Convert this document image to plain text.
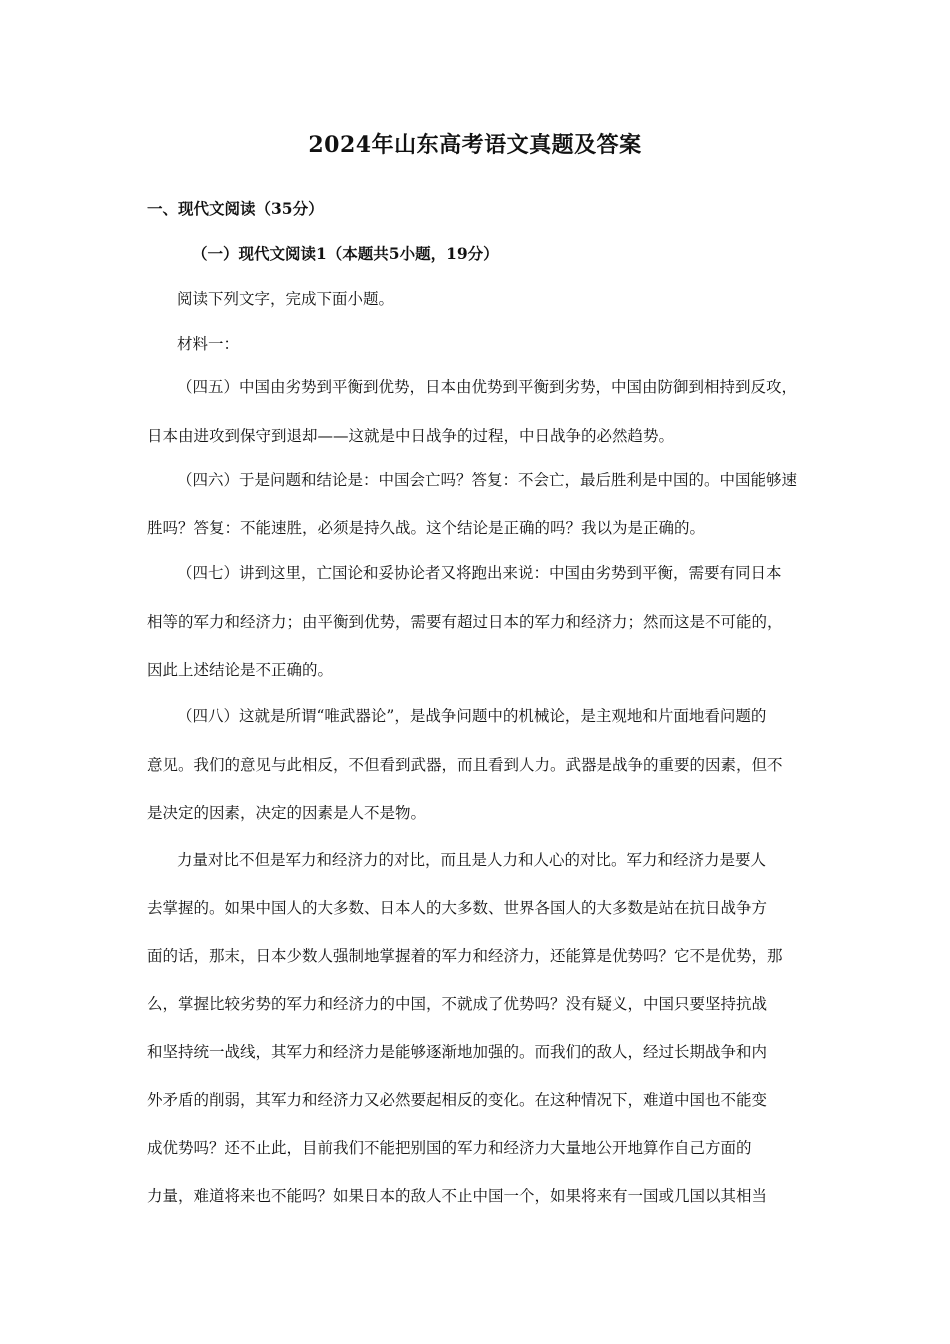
2024年山东高考语文真题及答案
一、现代文阅读（35分）
（一）现代文阅读1（本题共5小题，19分）
阅读下列文字，完成下面小题。
材料一：
（四五）中国由劣势到平衡到优势，日本由优势到平衡到劣势，中国由防御到相持到反攻，
日本由进攻到保守到退却——这就是中日战争的过程，中日战争的必然趋势。
（四六）于是问题和结论是：中国会亡吗？答复：不会亡，最后胜利是中国的。中国能够速
胜吗？答复：不能速胜，必须是持久战。这个结论是正确的吗？我以为是正确的。
（四七）讲到这里，亡国论和妥协论者又将跑出来说：中国由劣势到平衡，需要有同日本
相等的军力和经济力；由平衡到优势，需要有超过日本的军力和经济力；然而这是不可能的，
因此上述结论是不正确的。
（四八）这就是所谓“唯武器论”，是战争问题中的机械论，是主观地和片面地看问题的
意见。我们的意见与此相反，不但看到武器，而且看到人力。武器是战争的重要的因素，但不
是决定的因素，决定的因素是人不是物。
力量对比不但是军力和经济力的对比，而且是人力和人心的对比。军力和经济力是要人
去掌握的。如果中国人的大多数、日本人的大多数、世界各国人的大多数是站在抗日战争方
面的话，那末，日本少数人强制地掌握着的军力和经济力，还能算是优势吗？它不是优势，那
么，掌握比较劣势的军力和经济力的中国，不就成了优势吗？没有疑义，中国只要坚持抗战
和坚持统一战线，其军力和经济力是能够逐渐地加强的。而我们的敌人，经过长期战争和内
外矛盾的削弱，其军力和经济力又必然要起相反的变化。在这种情况下，难道中国也不能变
成优势吗？还不止此，目前我们不能把别国的军力和经济力大量地公开地算作自己方面的
力量，难道将来也不能吗？如果日本的敌人不止中国一个，如果将来有一国或几国以其相当
